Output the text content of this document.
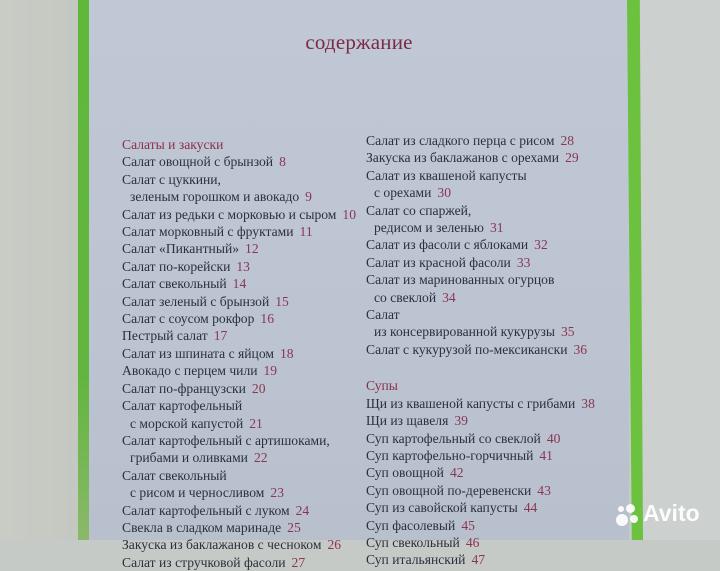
содержание
Салаты и закуски
Салат овощной с брынзой 8
Салат с цуккини,
зеленым горошком и авокадо 9
Салат из редьки с морковью и сыром 10
Салат морковный с фруктами 11
Салат «Пикантный» 12
Салат по-корейски 13
Салат свекольный 14
Салат зеленый с брынзой 15
Салат с соусом рокфор 16
Пестрый салат 17
Салат из шпината с яйцом 18
Авокадо с перцем чили 19
Салат по-французски 20
Салат картофельный
с морской капустой 21
Салат картофельный с артишоками,
грибами и оливками 22
Салат свекольный
с рисом и черносливом 23
Салат картофельный с луком 24
Свекла в сладком маринаде 25
Закуска из баклажанов с чесноком 26
Салат из стручковой фасоли 27
Салат из сладкого перца с рисом 28
Закуска из баклажанов с орехами 29
Салат из квашеной капусты
с орехами 30
Салат со спаржей,
редисом и зеленью 31
Салат из фасоли с яблоками 32
Салат из красной фасоли 33
Салат из маринованных огурцов
со свеклой 34
Салат
из консервированной кукурузы 35
Салат с кукурузой по-мексикански 36
Супы
Щи из квашеной капусты с грибами 38
Щи из щавеля 39
Суп картофельный со свеклой 40
Суп картофельно-горчичный 41
Суп овощной 42
Суп овощной по-деревенски 43
Суп из савойской капусты 44
Суп фасолевый 45
Суп свекольный 46
Суп итальянский 47
Avito
